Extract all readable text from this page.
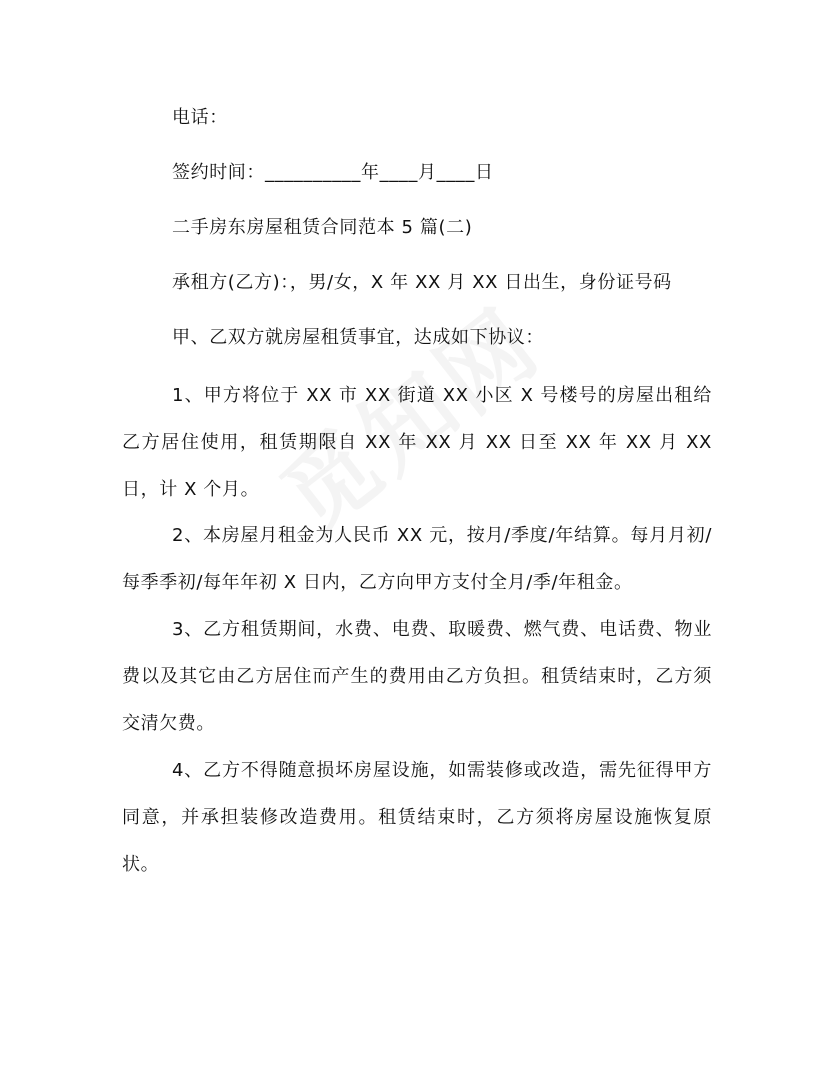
电话：
签约时间：__________年____月____日
二手房东房屋租赁合同范本 5 篇(二)
承租方(乙方)：，男/女，X 年 XX 月 XX 日出生，身份证号码
甲、乙双方就房屋租赁事宜，达成如下协议：
1、甲方将位于 XX 市 XX 街道 XX 小区 X 号楼号的房屋出租给乙方居住使用，租赁期限自 XX 年 XX 月 XX 日至 XX 年 XX 月 XX 日，计 X 个月。
2、本房屋月租金为人民币 XX 元，按月/季度/年结算。每月月初/每季季初/每年年初 X 日内，乙方向甲方支付全月/季/年租金。
3、乙方租赁期间，水费、电费、取暖费、燃气费、电话费、物业费以及其它由乙方居住而产生的费用由乙方负担。租赁结束时，乙方须交清欠费。
4、乙方不得随意损坏房屋设施，如需装修或改造，需先征得甲方同意，并承担装修改造费用。租赁结束时，乙方须将房屋设施恢复原状。
